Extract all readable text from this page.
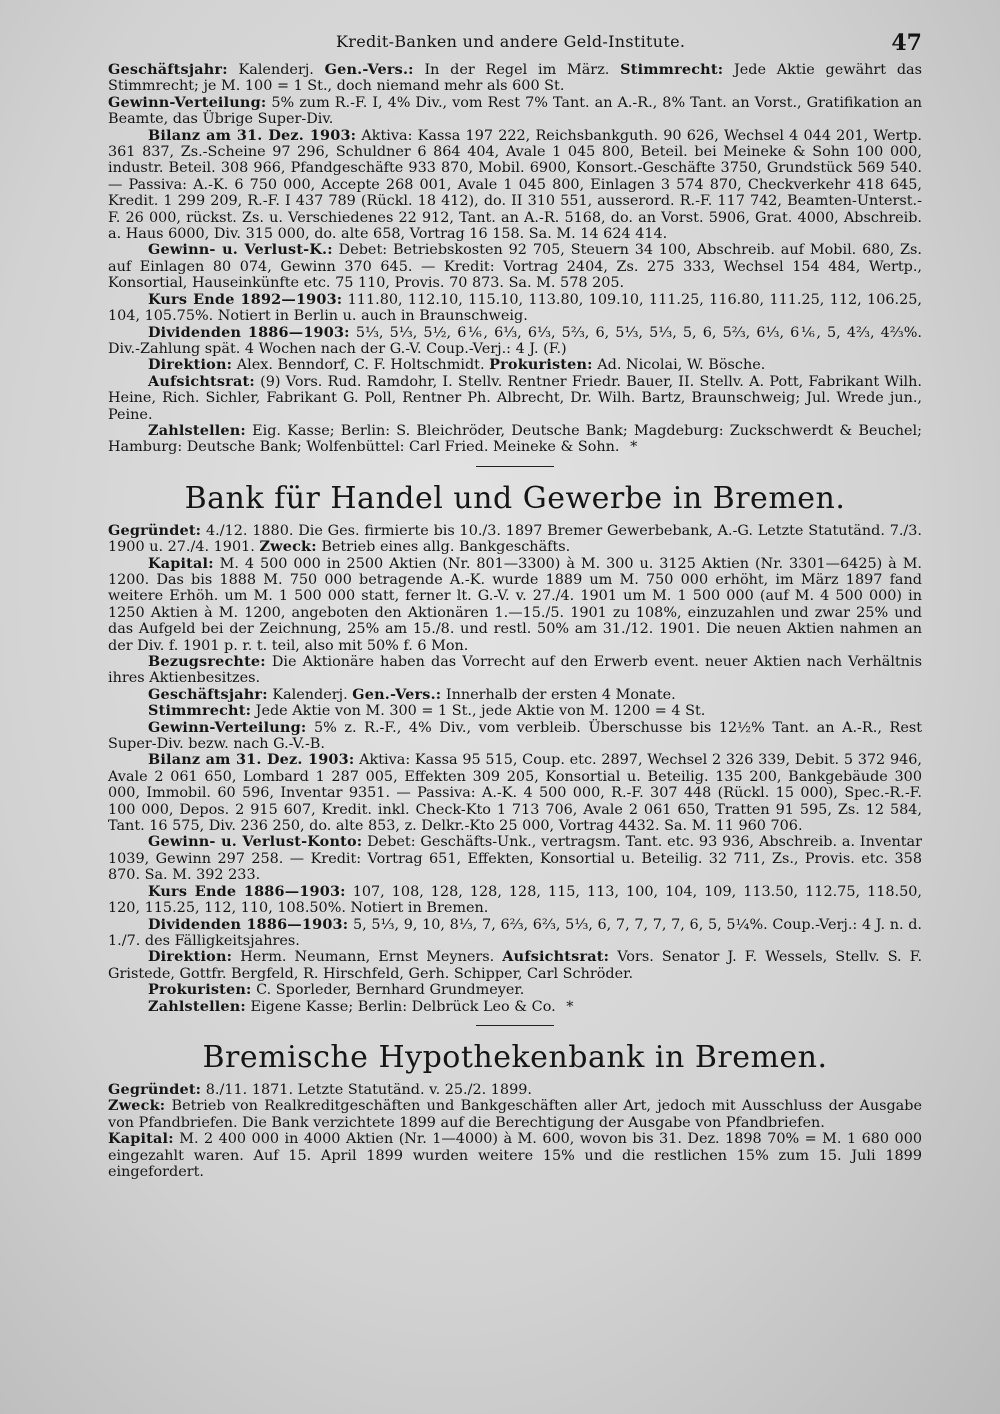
Kredit-Banken und andere Geld-Institute.	47

Geschäftsjahr: Kalenderj. Gen.-Vers.: In der Regel im März. Stimmrecht: Jede Aktie gewährt das Stimmrecht; je M. 100 = 1 St., doch niemand mehr als 600 St.

Gewinn-Verteilung: 5% zum R.-F. I, 4% Div., vom Rest 7% Tant. an A.-R., 8% Tant. an Vorst., Gratifikation an Beamte, das Übrige Super-Div.

Bilanz am 31. Dez. 1903: Aktiva: Kassa 197 222, Reichsbankguth. 90 626, Wechsel 4 044 201, Wertp. 361 837, Zs.-Scheine 97 296, Schuldner 6 864 404, Avale 1 045 800, Beteil. bei Meineke & Sohn 100 000, industr. Beteil. 308 966, Pfandgeschäfte 933 870, Mobil. 6900, Konsort.-Geschäfte 3750, Grundstück 569 540. — Passiva: A.-K. 6 750 000, Accepte 268 001, Avale 1 045 800, Einlagen 3 574 870, Checkverkehr 418 645, Kredit. 1 299 209, R.-F. I 437 789 (Rückl. 18 412), do. II 310 551, ausserord. R.-F. 117 742, Beamten-Unterst.-F. 26 000, rückst. Zs. u. Verschiedenes 22 912, Tant. an A.-R. 5168, do. an Vorst. 5906, Grat. 4000, Abschreib. a. Haus 6000, Div. 315 000, do. alte 658, Vortrag 16 158. Sa. M. 14 624 414.

Gewinn- u. Verlust-K.: Debet: Betriebskosten 92 705, Steuern 34 100, Abschreib. auf Mobil. 680, Zs. auf Einlagen 80 074, Gewinn 370 645. — Kredit: Vortrag 2404, Zs. 275 333, Wechsel 154 484, Wertp., Konsortial, Hauseinkünfte etc. 75 110, Provis. 70 873. Sa. M. 578 205.

Kurs Ende 1892—1903: 111.80, 112.10, 115.10, 113.80, 109.10, 111.25, 116.80, 111.25, 112, 106.25, 104, 105.75%. Notiert in Berlin u. auch in Braunschweig.

Dividenden 1886—1903: 5⅓, 5⅓, 5½, 6⅙, 6⅓, 6⅓, 5⅔, 6, 5⅓, 5⅓, 5, 6, 5⅔, 6⅓, 6⅙, 5, 4⅔, 4⅔%. Div.-Zahlung spät. 4 Wochen nach der G.-V. Coup.-Verj.: 4 J. (F.)

Direktion: Alex. Benndorf, C. F. Holtschmidt. Prokuristen: Ad. Nicolai, W. Bösche.

Aufsichtsrat: (9) Vors. Rud. Ramdohr, I. Stellv. Rentner Friedr. Bauer, II. Stellv. A. Pott, Fabrikant Wilh. Heine, Rich. Sichler, Fabrikant G. Poll, Rentner Ph. Albrecht, Dr. Wilh. Bartz, Braunschweig; Jul. Wrede jun., Peine.

Zahlstellen: Eig. Kasse; Berlin: S. Bleichröder, Deutsche Bank; Magdeburg: Zuckschwerdt & Beuchel; Hamburg: Deutsche Bank; Wolfenbüttel: Carl Fried. Meineke & Sohn. *

Bank für Handel und Gewerbe in Bremen.

Gegründet: 4./12. 1880. Die Ges. firmierte bis 10./3. 1897 Bremer Gewerbebank, A.-G. Letzte Statutänd. 7./3. 1900 u. 27./4. 1901. Zweck: Betrieb eines allg. Bankgeschäfts.

Kapital: M. 4 500 000 in 2500 Aktien (Nr. 801—3300) à M. 300 u. 3125 Aktien (Nr. 3301—6425) à M. 1200. Das bis 1888 M. 750 000 betragende A.-K. wurde 1889 um M. 750 000 erhöht, im März 1897 fand weitere Erhöh. um M. 1 500 000 statt, ferner lt. G.-V. v. 27./4. 1901 um M. 1 500 000 (auf M. 4 500 000) in 1250 Aktien à M. 1200, angeboten den Aktionären 1.—15./5. 1901 zu 108%, einzuzahlen und zwar 25% und das Aufgeld bei der Zeichnung, 25% am 15./8. und restl. 50% am 31./12. 1901. Die neuen Aktien nahmen an der Div. f. 1901 p. r. t. teil, also mit 50% f. 6 Mon.

Bezugsrechte: Die Aktionäre haben das Vorrecht auf den Erwerb event. neuer Aktien nach Verhältnis ihres Aktienbesitzes.

Geschäftsjahr: Kalenderj. Gen.-Vers.: Innerhalb der ersten 4 Monate.

Stimmrecht: Jede Aktie von M. 300 = 1 St., jede Aktie von M. 1200 = 4 St.

Gewinn-Verteilung: 5% z. R.-F., 4% Div., vom verbleib. Überschusse bis 12½% Tant. an A.-R., Rest Super-Div. bezw. nach G.-V.-B.

Bilanz am 31. Dez. 1903: Aktiva: Kassa 95 515, Coup. etc. 2897, Wechsel 2 326 339, Debit. 5 372 946, Avale 2 061 650, Lombard 1 287 005, Effekten 309 205, Konsortial u. Beteilig. 135 200, Bankgebäude 300 000, Immobil. 60 596, Inventar 9351. — Passiva: A.-K. 4 500 000, R.-F. 307 448 (Rückl. 15 000), Spec.-R.-F. 100 000, Depos. 2 915 607, Kredit. inkl. Check-Kto 1 713 706, Avale 2 061 650, Tratten 91 595, Zs. 12 584, Tant. 16 575, Div. 236 250, do. alte 853, z. Delkr.-Kto 25 000, Vortrag 4432. Sa. M. 11 960 706.

Gewinn- u. Verlust-Konto: Debet: Geschäfts-Unk., vertragsm. Tant. etc. 93 936, Abschreib. a. Inventar 1039, Gewinn 297 258. — Kredit: Vortrag 651, Effekten, Konsortial u. Beteilig. 32 711, Zs., Provis. etc. 358 870. Sa. M. 392 233.

Kurs Ende 1886—1903: 107, 108, 128, 128, 128, 115, 113, 100, 104, 109, 113.50, 112.75, 118.50, 120, 115.25, 112, 110, 108.50%. Notiert in Bremen.

Dividenden 1886—1903: 5, 5⅓, 9, 10, 8⅓, 7, 6⅔, 6⅔, 5⅓, 6, 7, 7, 7, 7, 6, 5, 5¼%. Coup.-Verj.: 4 J. n. d. 1./7. des Fälligkeitsjahres.

Direktion: Herm. Neumann, Ernst Meyners. Aufsichtsrat: Vors. Senator J. F. Wessels, Stellv. S. F. Gristede, Gottfr. Bergfeld, R. Hirschfeld, Gerh. Schipper, Carl Schröder.

Prokuristen: C. Sporleder, Bernhard Grundmeyer.

Zahlstellen: Eigene Kasse; Berlin: Delbrück Leo & Co. *

Bremische Hypothekenbank in Bremen.

Gegründet: 8./11. 1871. Letzte Statutänd. v. 25./2. 1899.

Zweck: Betrieb von Realkreditgeschäften und Bankgeschäften aller Art, jedoch mit Ausschluss der Ausgabe von Pfandbriefen. Die Bank verzichtete 1899 auf die Berechtigung der Ausgabe von Pfandbriefen.

Kapital: M. 2 400 000 in 4000 Aktien (Nr. 1—4000) à M. 600, wovon bis 31. Dez. 1898 70% = M. 1 680 000 eingezahlt waren. Auf 15. April 1899 wurden weitere 15% und die restlichen 15% zum 15. Juli 1899 eingefordert.
